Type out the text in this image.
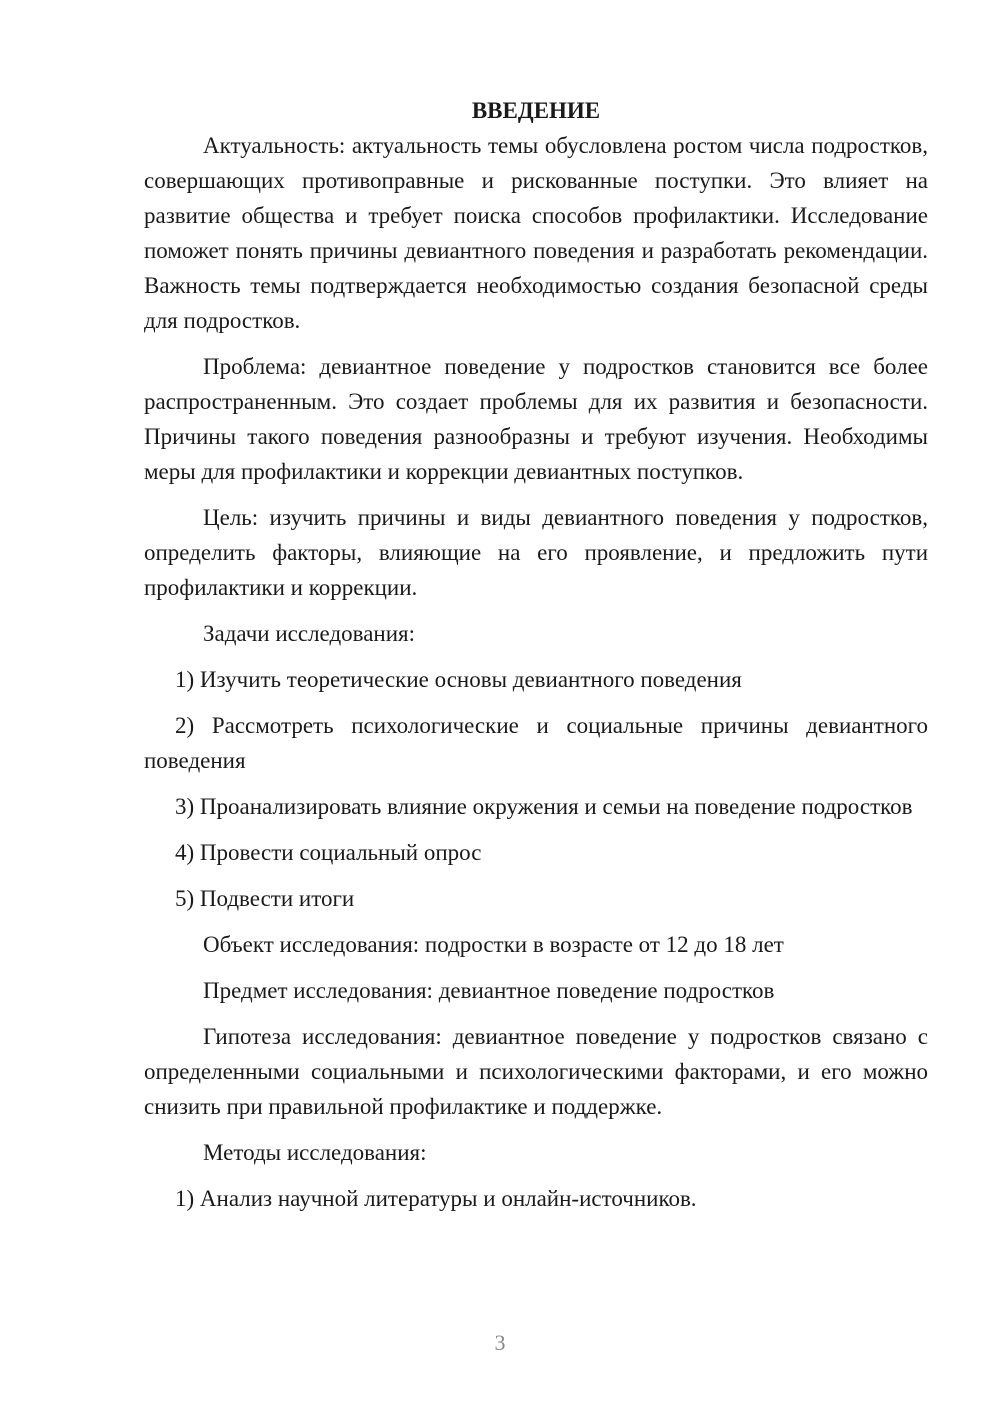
ВВЕДЕНИЕ

Актуальность: актуальность темы обусловлена ростом числа подростков, совершающих противоправные и рискованные поступки. Это влияет на развитие общества и требует поиска способов профилактики. Исследование поможет понять причины девиантного поведения и разработать рекомендации. Важность темы подтверждается необходимостью создания безопасной среды для подростков.

Проблема: девиантное поведение у подростков становится все более распространенным. Это создает проблемы для их развития и безопасности. Причины такого поведения разнообразны и требуют изучения. Необходимы меры для профилактики и коррекции девиантных поступков.

Цель: изучить причины и виды девиантного поведения у подростков, определить факторы, влияющие на его проявление, и предложить пути профилактики и коррекции.

Задачи исследования:

1) Изучить теоретические основы девиантного поведения

2) Рассмотреть психологические и социальные причины девиантного поведения

3) Проанализировать влияние окружения и семьи на поведение подростков

4) Провести социальный опрос

5) Подвести итоги

Объект исследования: подростки в возрасте от 12 до 18 лет

Предмет исследования: девиантное поведение подростков

Гипотеза исследования: девиантное поведение у подростков связано с определенными социальными и психологическими факторами, и его можно снизить при правильной профилактике и поддержке.

Методы исследования:

1) Анализ научной литературы и онлайн-источников.

3
